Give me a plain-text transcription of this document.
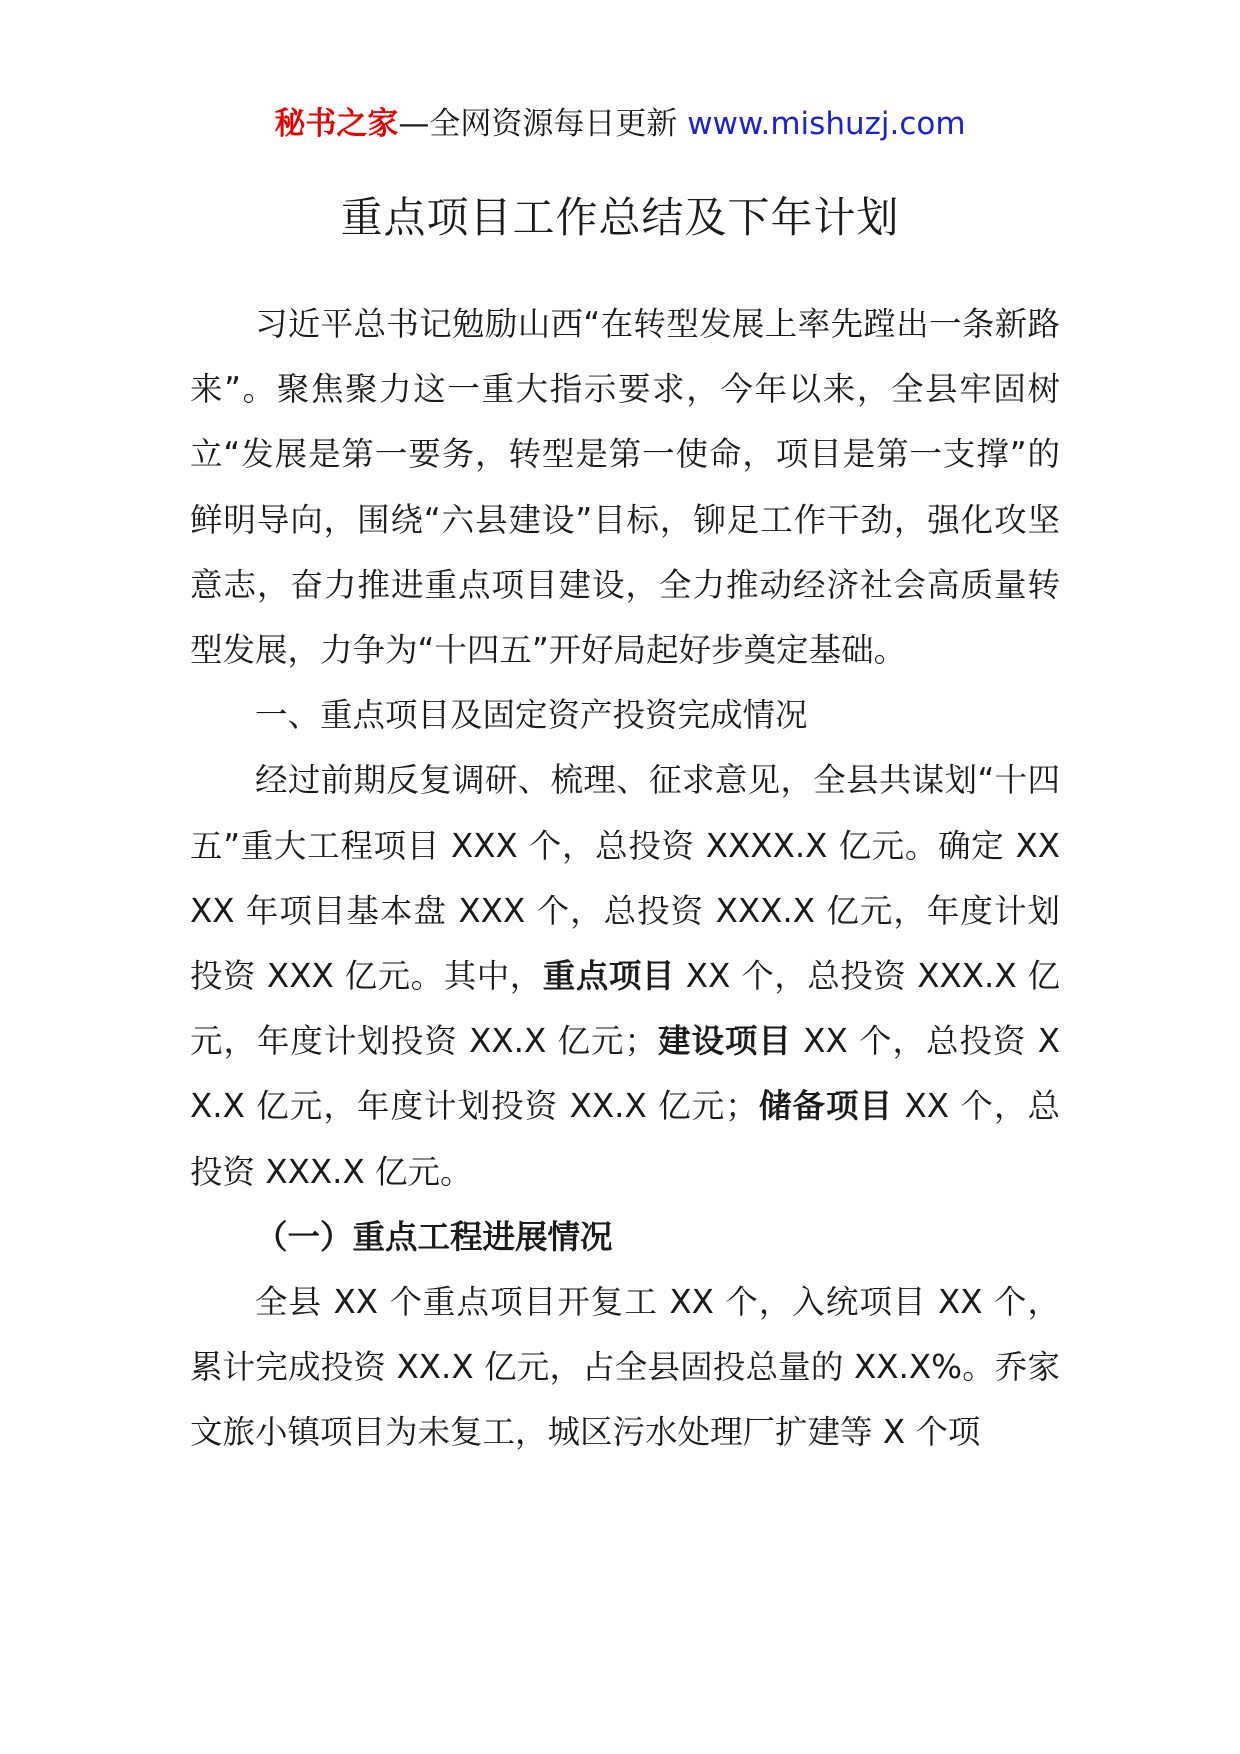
秘书之家—全网资源每日更新 www.mishuzj.com
重点项目工作总结及下年计划

习近平总书记勉励山西“在转型发展上率先蹚出一条新路来”。聚焦聚力这一重大指示要求，今年以来，全县牢固树立“发展是第一要务，转型是第一使命，项目是第一支撑”的鲜明导向，围绕“六县建设”目标，铆足工作干劲，强化攻坚意志，奋力推进重点项目建设，全力推动经济社会高质量转型发展，力争为“十四五”开好局起好步奠定基础。

一、重点项目及固定资产投资完成情况

经过前期反复调研、梳理、征求意见，全县共谋划“十四五”重大工程项目 XXX 个，总投资 XXXX.X 亿元。确定 XXXX 年项目基本盘 XXX 个，总投资 XXX.X 亿元，年度计划投资 XXX 亿元。其中，重点项目 XX 个，总投资 XXX.X 亿元，年度计划投资 XX.X 亿元；建设项目 XX 个，总投资 XX.X 亿元，年度计划投资 XX.X 亿元；储备项目 XX 个，总投资 XXX.X 亿元。

（一）重点工程进展情况

全县 XX 个重点项目开复工 XX 个，入统项目 XX 个，累计完成投资 XX.X 亿元，占全县固投总量的 XX.X%。乔家文旅小镇项目为未复工，城区污水处理厂扩建等 X 个项
